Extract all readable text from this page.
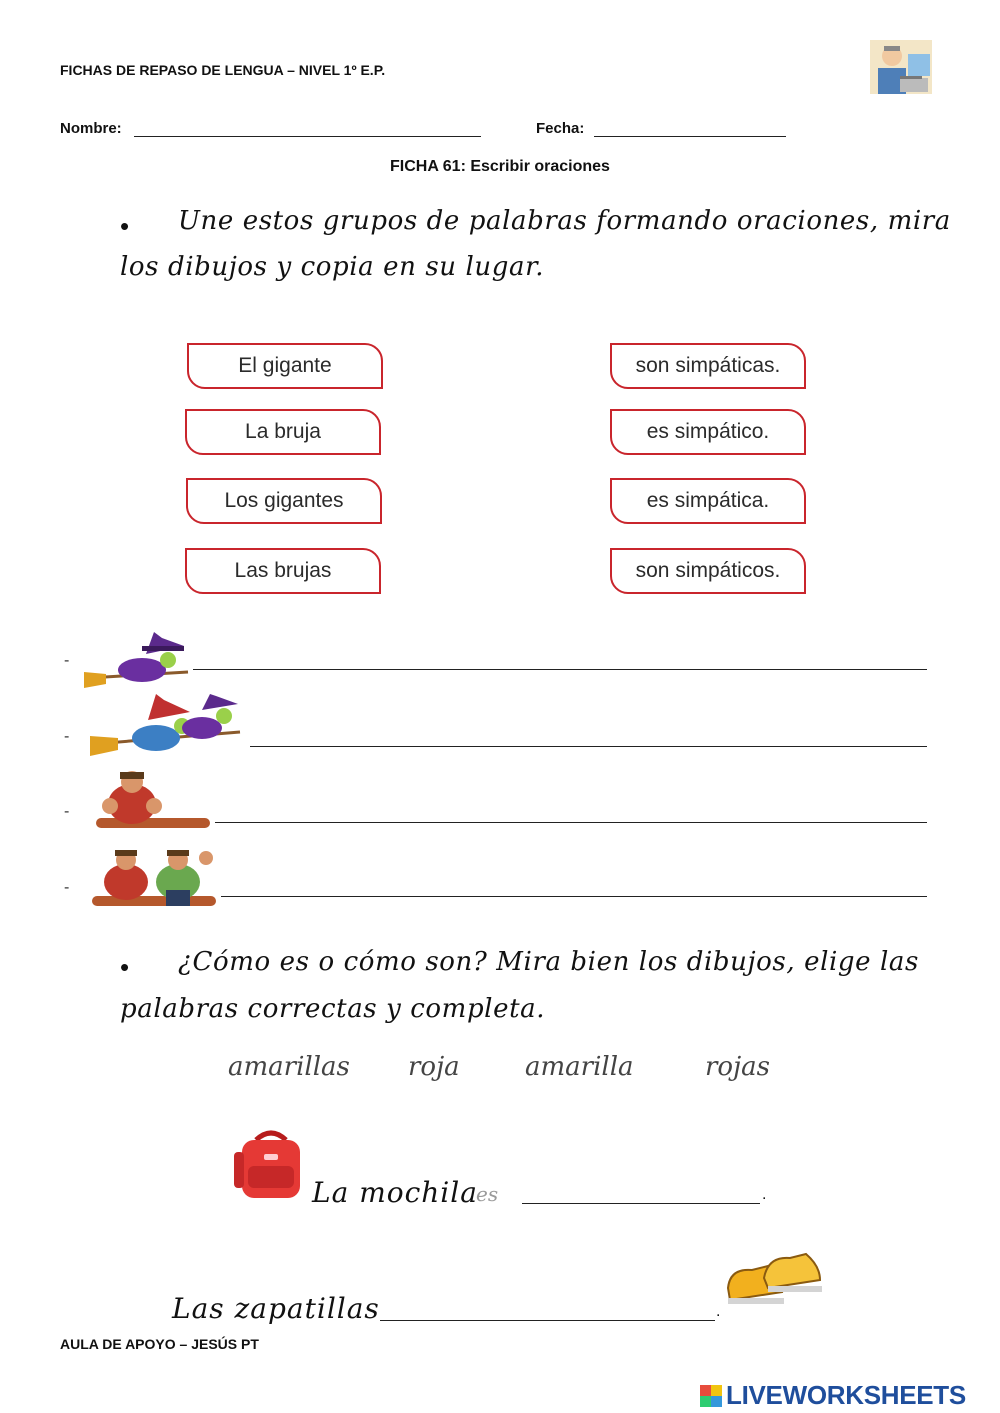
FICHAS DE REPASO DE LENGUA – NIVEL 1º E.P.
Nombre:	Fecha:
FICHA 61: Escribir oraciones
• Une estos grupos de palabras formando oraciones, mira
los dibujos y copia en su lugar.
El gigante
La bruja
Los gigantes
Las brujas
son simpáticas.
es simpático.
es simpática.
son simpáticos.
-
-
-
-
• ¿Cómo es o cómo son? Mira bien los dibujos, elige las
palabras correctas y completa.
amarillas roja	amarilla	rojas
La mochila
es	.
Las zapatillas	.
AULA DE APOYO – JESÚS PT
LIVEWORKSHEETS
